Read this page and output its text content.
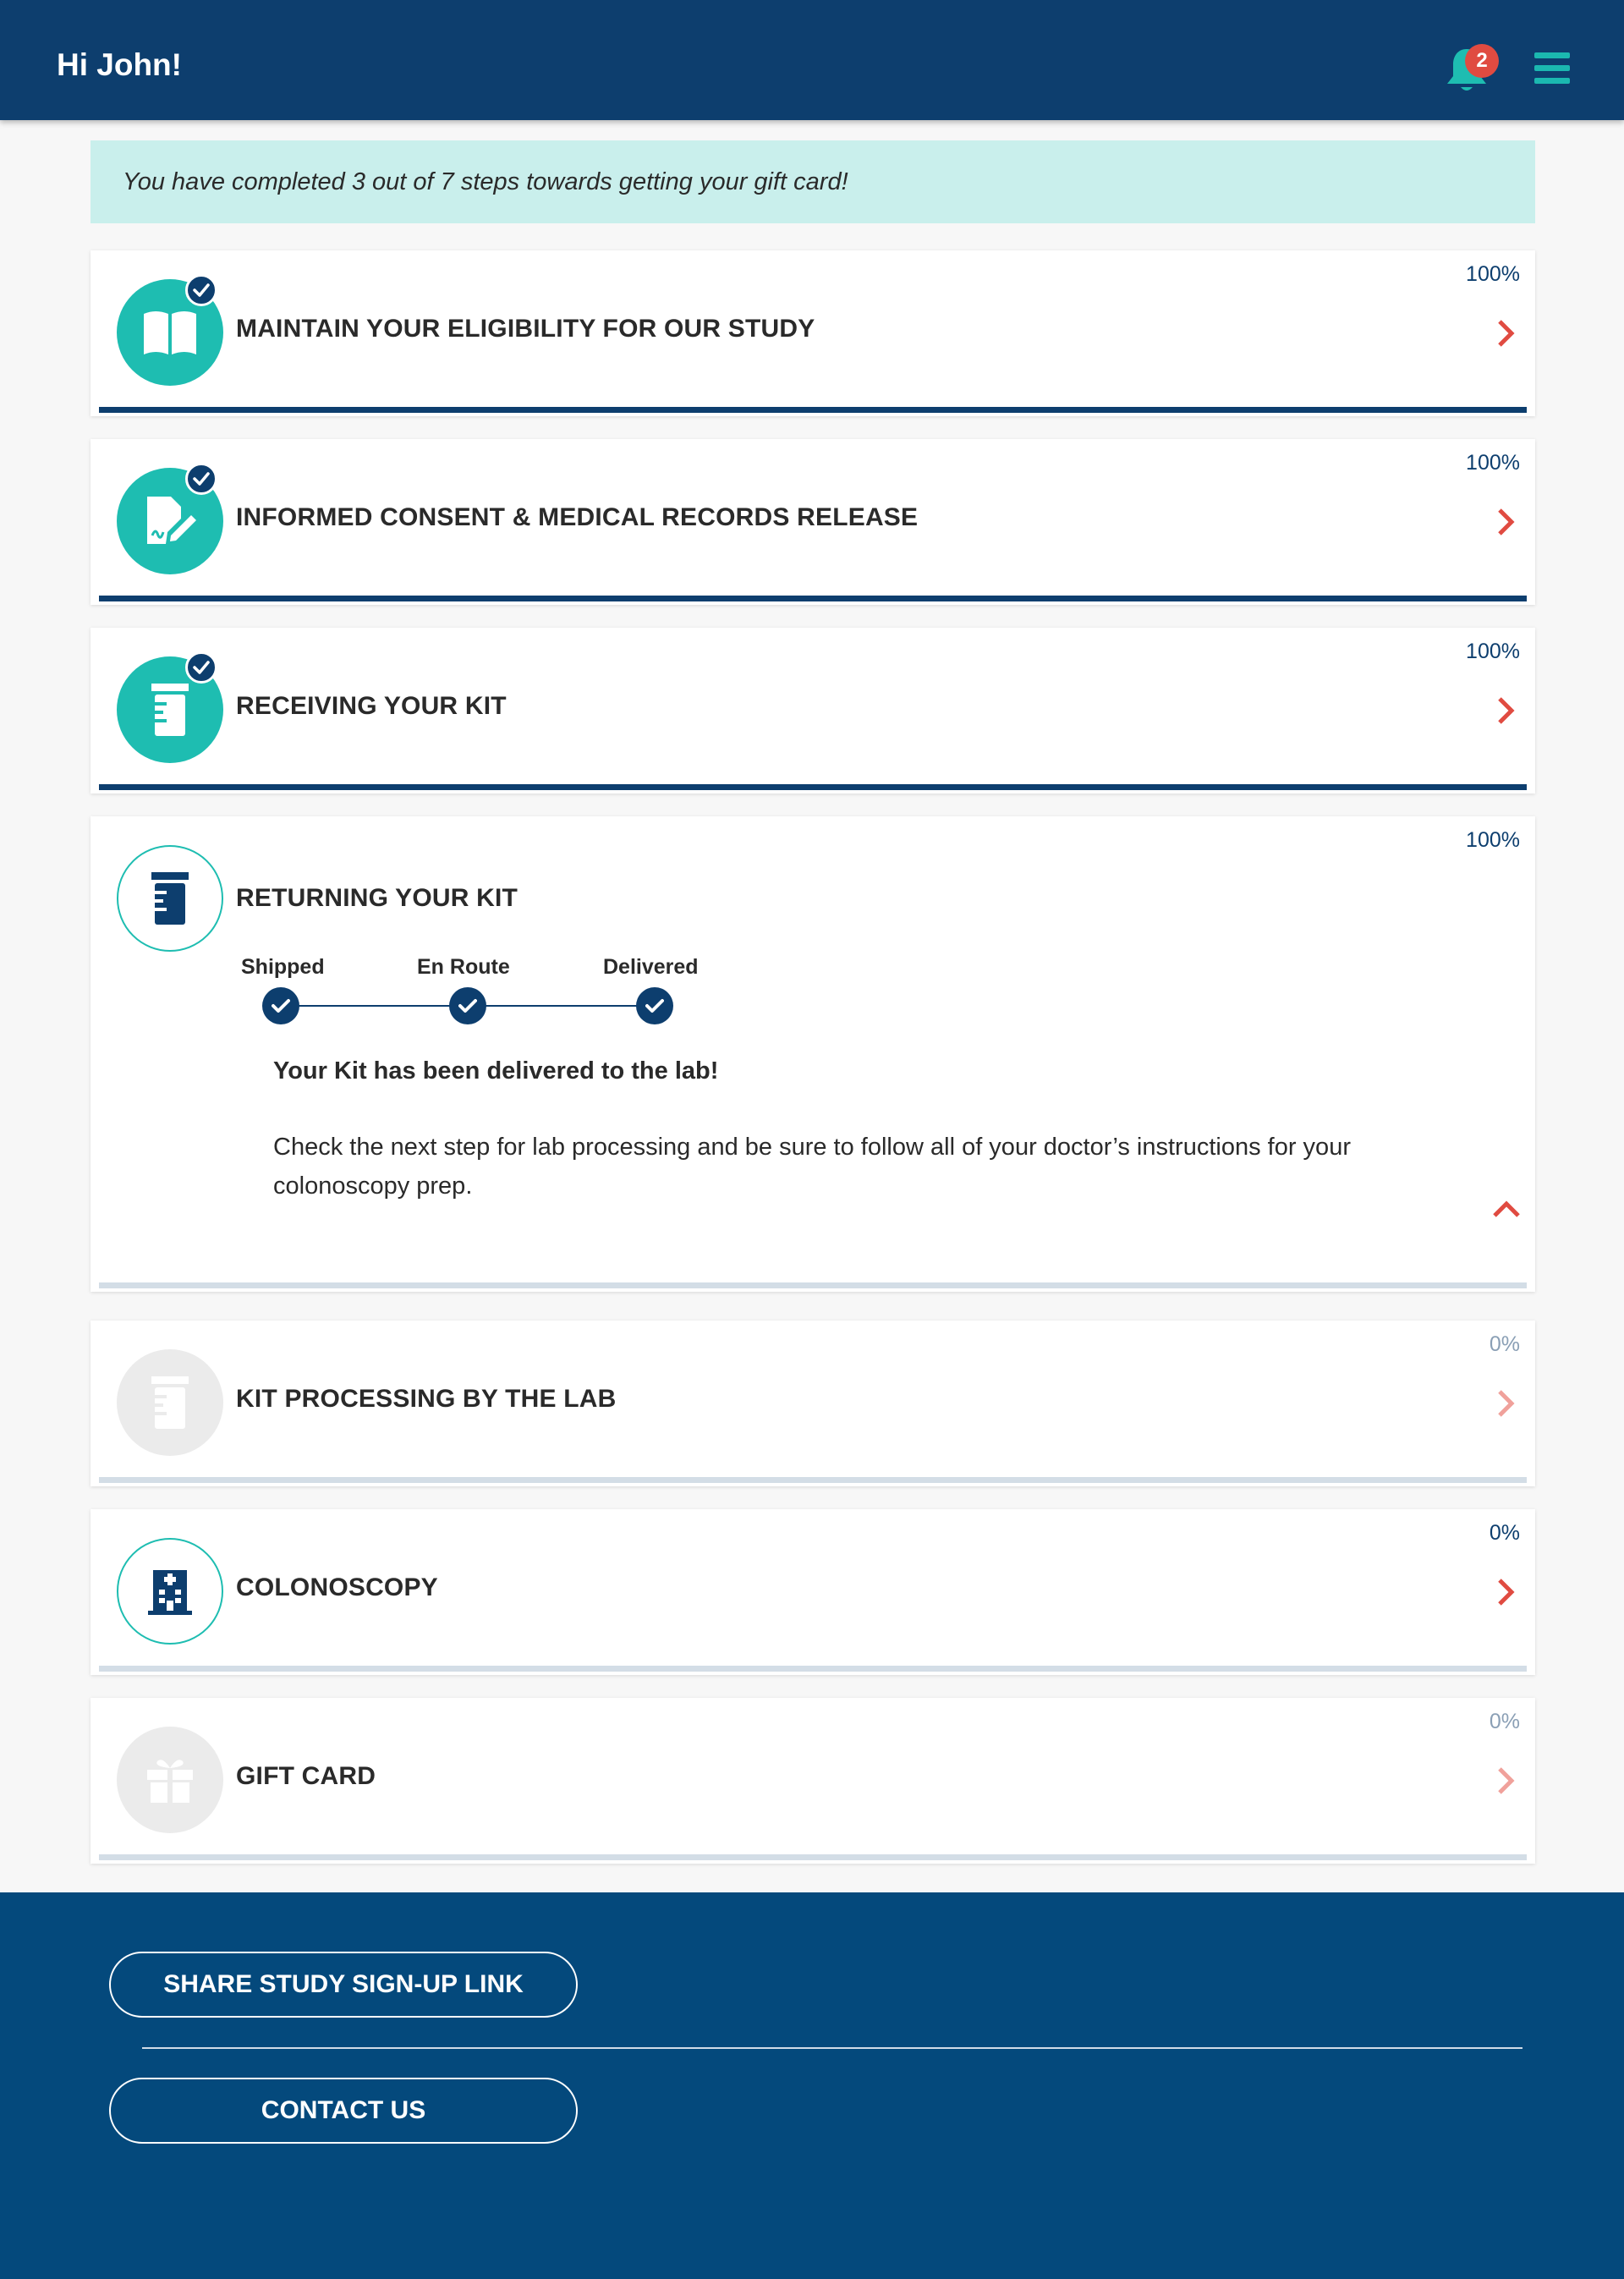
Hi John!	2
You have completed 3 out of 7 steps towards getting your gift card!
100%
MAINTAIN YOUR ELIGIBILITY FOR OUR STUDY
100%
INFORMED CONSENT & MEDICAL RECORDS RELEASE
100%
RECEIVING YOUR KIT
100%
RETURNING YOUR KIT
Shipped	En Route	Delivered
Your Kit has been delivered to the lab!
Check the next step for lab processing and be sure to follow all of your doctor’s instructions for your colonoscopy prep.
0%
KIT PROCESSING BY THE LAB
0%
COLONOSCOPY
0%
GIFT CARD
SHARE STUDY SIGN-UP LINK
CONTACT US
